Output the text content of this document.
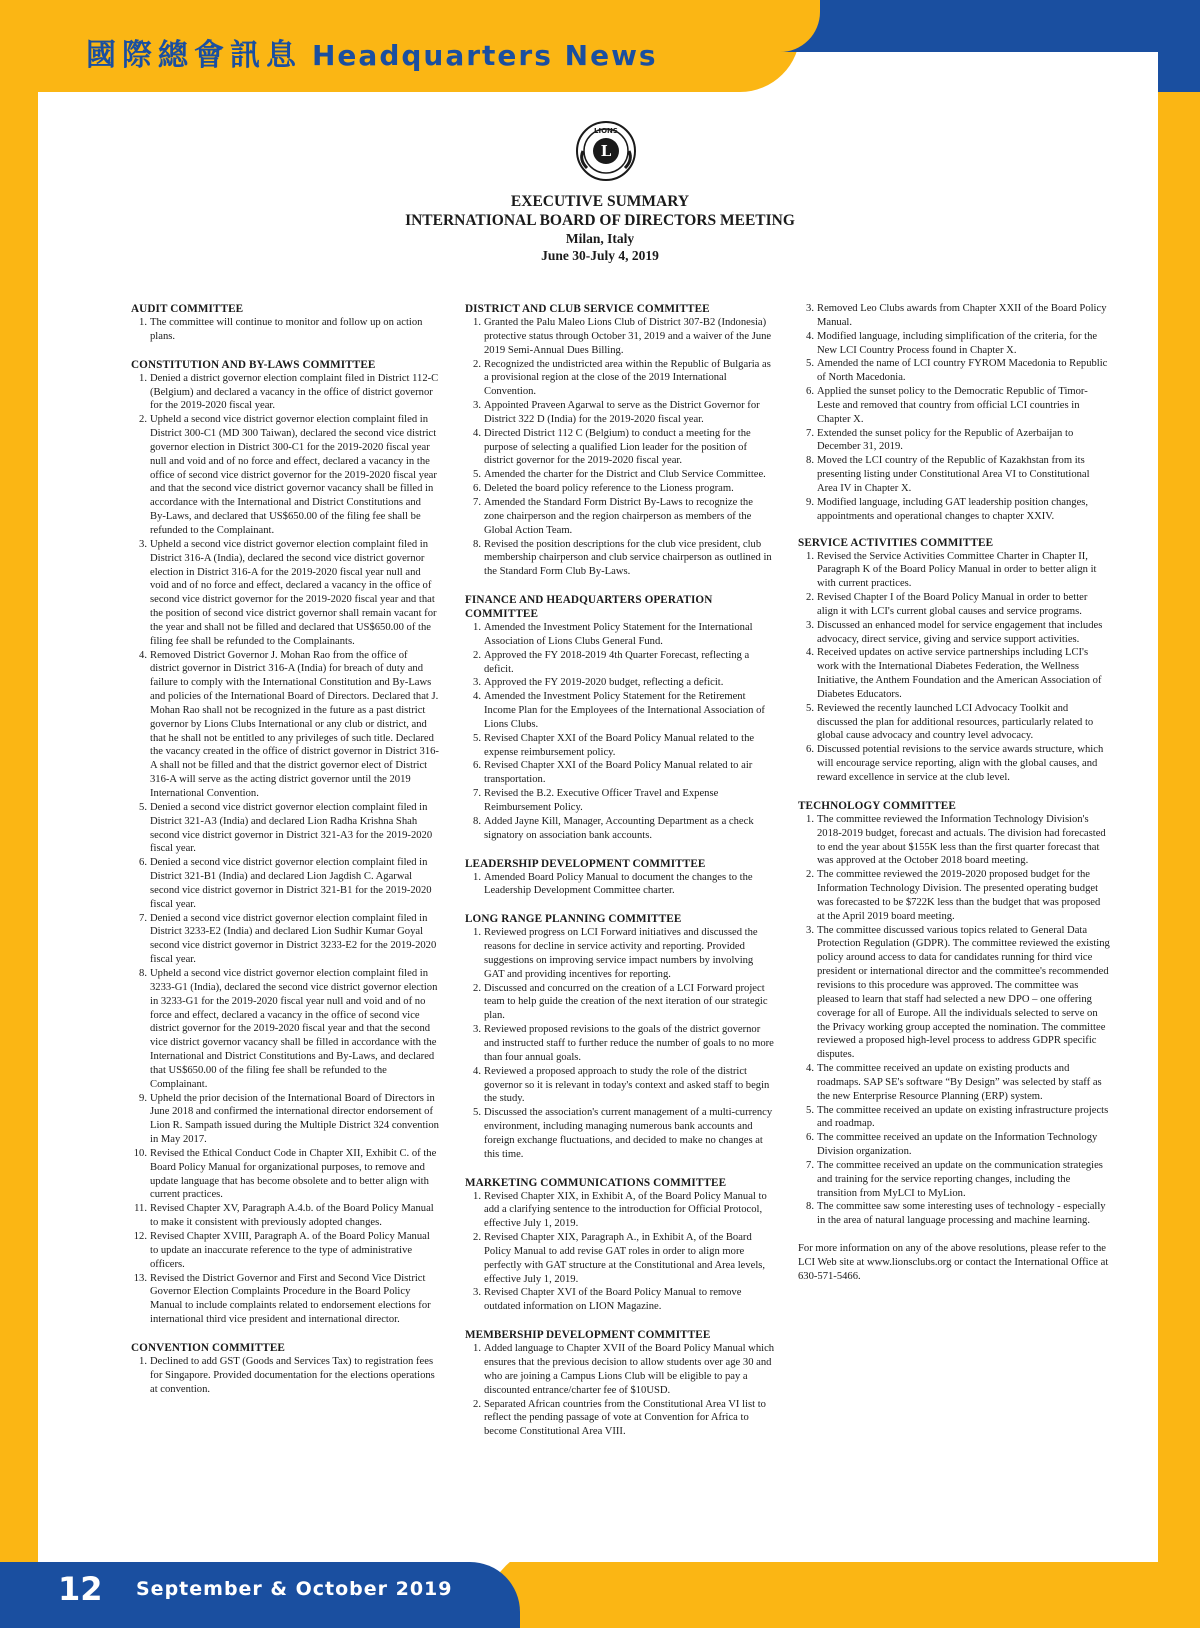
國際總會訊息 Headquarters News
L
LIONS
EXECUTIVE SUMMARY
INTERNATIONAL BOARD OF DIRECTORS MEETING
Milan, Italy
June 30-July 4, 2019
AUDIT COMMITTEE
1. The committee will continue to monitor and follow up on action plans.
CONSTITUTION AND BY-LAWS COMMITTEE
1. Denied a district governor election complaint filed in District 112-C (Belgium) and declared a vacancy in the office of district governor for the 2019-2020 fiscal year.
2. Upheld a second vice district governor election complaint filed in District 300-C1 (MD 300 Taiwan), declared the second vice district governor election in District 300-C1 for the 2019-2020 fiscal year null and void and of no force and effect, declared a vacancy in the office of second vice district governor for the 2019-2020 fiscal year and that the second vice district governor vacancy shall be filled in accordance with the International and District Constitutions and By-Laws, and declared that US$650.00 of the filing fee shall be refunded to the Complainant.
3. Upheld a second vice district governor election complaint filed in District 316-A (India), declared the second vice district governor election in District 316-A for the 2019-2020 fiscal year null and void and of no force and effect, declared a vacancy in the office of second vice district governor for the 2019-2020 fiscal year and that the position of second vice district governor shall remain vacant for the year and shall not be filled and declared that US$650.00 of the filing fee shall be refunded to the Complainants.
4. Removed District Governor J. Mohan Rao from the office of district governor in District 316-A (India) for breach of duty and failure to comply with the International Constitution and By-Laws and policies of the International Board of Directors. Declared that J. Mohan Rao shall not be recognized in the future as a past district governor by Lions Clubs International or any club or district, and that he shall not be entitled to any privileges of such title. Declared the vacancy created in the office of district governor in District 316-A shall not be filled and that the district governor elect of District 316-A will serve as the acting district governor until the 2019 International Convention.
5. Denied a second vice district governor election complaint filed in District 321-A3 (India) and declared Lion Radha Krishna Shah second vice district governor in District 321-A3 for the 2019-2020 fiscal year.
6. Denied a second vice district governor election complaint filed in District 321-B1 (India) and declared Lion Jagdish C. Agarwal second vice district governor in District 321-B1 for the 2019-2020 fiscal year.
7. Denied a second vice district governor election complaint filed in District 3233-E2 (India) and declared Lion Sudhir Kumar Goyal second vice district governor in District 3233-E2 for the 2019-2020 fiscal year.
8. Upheld a second vice district governor election complaint filed in 3233-G1 (India), declared the second vice district governor election in 3233-G1 for the 2019-2020 fiscal year null and void and of no force and effect, declared a vacancy in the office of second vice district governor for the 2019-2020 fiscal year and that the second vice district governor vacancy shall be filled in accordance with the International and District Constitutions and By-Laws, and declared that US$650.00 of the filing fee shall be refunded to the Complainant.
9. Upheld the prior decision of the International Board of Directors in June 2018 and confirmed the international director endorsement of Lion R. Sampath issued during the Multiple District 324 convention in May 2017.
10. Revised the Ethical Conduct Code in Chapter XII, Exhibit C. of the Board Policy Manual for organizational purposes, to remove and update language that has become obsolete and to better align with current practices.
11. Revised Chapter XV, Paragraph A.4.b. of the Board Policy Manual to make it consistent with previously adopted changes.
12. Revised Chapter XVIII, Paragraph A. of the Board Policy Manual to update an inaccurate reference to the type of administrative officers.
13. Revised the District Governor and First and Second Vice District Governor Election Complaints Procedure in the Board Policy Manual to include complaints related to endorsement elections for international third vice president and international director.
CONVENTION COMMITTEE
1. Declined to add GST (Goods and Services Tax) to registration fees for Singapore. Provided documentation for the elections operations at convention.
DISTRICT AND CLUB SERVICE COMMITTEE
1. Granted the Palu Maleo Lions Club of District 307-B2 (Indonesia) protective status through October 31, 2019 and a waiver of the June 2019 Semi-Annual Dues Billing.
2. Recognized the undistricted area within the Republic of Bulgaria as a provisional region at the close of the 2019 International Convention.
3. Appointed Praveen Agarwal to serve as the District Governor for District 322 D (India) for the 2019-2020 fiscal year.
4. Directed District 112 C (Belgium) to conduct a meeting for the purpose of selecting a qualified Lion leader for the position of district governor for the 2019-2020 fiscal year.
5. Amended the charter for the District and Club Service Committee.
6. Deleted the board policy reference to the Lioness program.
7. Amended the Standard Form District By-Laws to recognize the zone chairperson and the region chairperson as members of the Global Action Team.
8. Revised the position descriptions for the club vice president, club membership chairperson and club service chairperson as outlined in the Standard Form Club By-Laws.
FINANCE AND HEADQUARTERS OPERATION COMMITTEE
1. Amended the Investment Policy Statement for the International Association of Lions Clubs General Fund.
2. Approved the FY 2018-2019 4th Quarter Forecast, reflecting a deficit.
3. Approved the FY 2019-2020 budget, reflecting a deficit.
4. Amended the Investment Policy Statement for the Retirement Income Plan for the Employees of the International Association of Lions Clubs.
5. Revised Chapter XXI of the Board Policy Manual related to the expense reimbursement policy.
6. Revised Chapter XXI of the Board Policy Manual related to air transportation.
7. Revised the B.2. Executive Officer Travel and Expense Reimbursement Policy.
8. Added Jayne Kill, Manager, Accounting Department as a check signatory on association bank accounts.
LEADERSHIP DEVELOPMENT COMMITTEE
1. Amended Board Policy Manual to document the changes to the Leadership Development Committee charter.
LONG RANGE PLANNING COMMITTEE
1. Reviewed progress on LCI Forward initiatives and discussed the reasons for decline in service activity and reporting. Provided suggestions on improving service impact numbers by involving GAT and providing incentives for reporting.
2. Discussed and concurred on the creation of a LCI Forward project team to help guide the creation of the next iteration of our strategic plan.
3. Reviewed proposed revisions to the goals of the district governor and instructed staff to further reduce the number of goals to no more than four annual goals.
4. Reviewed a proposed approach to study the role of the district governor so it is relevant in today's context and asked staff to begin the study.
5. Discussed the association's current management of a multi-currency environment, including managing numerous bank accounts and foreign exchange fluctuations, and decided to make no changes at this time.
MARKETING COMMUNICATIONS COMMITTEE
1. Revised Chapter XIX, in Exhibit A, of the Board Policy Manual to add a clarifying sentence to the introduction for Official Protocol, effective July 1, 2019.
2. Revised Chapter XIX, Paragraph A., in Exhibit A, of the Board Policy Manual to add revise GAT roles in order to align more perfectly with GAT structure at the Constitutional and Area levels, effective July 1, 2019.
3. Revised Chapter XVI of the Board Policy Manual to remove outdated information on LION Magazine.
MEMBERSHIP DEVELOPMENT COMMITTEE
1. Added language to Chapter XVII of the Board Policy Manual which ensures that the previous decision to allow students over age 30 and who are joining a Campus Lions Club will be eligible to pay a discounted entrance/charter fee of $10USD.
2. Separated African countries from the Constitutional Area VI list to reflect the pending passage of vote at Convention for Africa to become Constitutional Area VIII.
3. Removed Leo Clubs awards from Chapter XXII of the Board Policy Manual.
4. Modified language, including simplification of the criteria, for the New LCI Country Process found in Chapter X.
5. Amended the name of LCI country FYROM Macedonia to Republic of North Macedonia.
6. Applied the sunset policy to the Democratic Republic of Timor-Leste and removed that country from official LCI countries in Chapter X.
7. Extended the sunset policy for the Republic of Azerbaijan to December 31, 2019.
8. Moved the LCI country of the Republic of Kazakhstan from its presenting listing under Constitutional Area VI to Constitutional Area IV in Chapter X.
9. Modified language, including GAT leadership position changes, appointments and operational changes to chapter XXIV.
SERVICE ACTIVITIES COMMITTEE
1. Revised the Service Activities Committee Charter in Chapter II, Paragraph K of the Board Policy Manual in order to better align it with current practices.
2. Revised Chapter I of the Board Policy Manual in order to better align it with LCI's current global causes and service programs.
3. Discussed an enhanced model for service engagement that includes advocacy, direct service, giving and service support activities.
4. Received updates on active service partnerships including LCI's work with the International Diabetes Federation, the Wellness Initiative, the Anthem Foundation and the American Association of Diabetes Educators.
5. Reviewed the recently launched LCI Advocacy Toolkit and discussed the plan for additional resources, particularly related to global cause advocacy and country level advocacy.
6. Discussed potential revisions to the service awards structure, which will encourage service reporting, align with the global causes, and reward excellence in service at the club level.
TECHNOLOGY COMMITTEE
1. The committee reviewed the Information Technology Division's 2018-2019 budget, forecast and actuals. The division had forecasted to end the year about $155K less than the first quarter forecast that was approved at the October 2018 board meeting.
2. The committee reviewed the 2019-2020 proposed budget for the Information Technology Division. The presented operating budget was forecasted to be $722K less than the budget that was proposed at the April 2019 board meeting.
3. The committee discussed various topics related to General Data Protection Regulation (GDPR). The committee reviewed the existing policy around access to data for candidates running for third vice president or international director and the committee's recommended revisions to this procedure was approved. The committee was pleased to learn that staff had selected a new DPO – one offering coverage for all of Europe. All the individuals selected to serve on the Privacy working group accepted the nomination. The committee reviewed a proposed high-level process to address GDPR specific disputes.
4. The committee received an update on existing products and roadmaps. SAP SE's software “By Design” was selected by staff as the new Enterprise Resource Planning (ERP) system.
5. The committee received an update on existing infrastructure projects and roadmap.
6. The committee received an update on the Information Technology Division organization.
7. The committee received an update on the communication strategies and training for the service reporting changes, including the transition from MyLCI to MyLion.
8. The committee saw some interesting uses of technology - especially in the area of natural language processing and machine learning.
For more information on any of the above resolutions, please refer to the LCI Web site at www.lionsclubs.org or contact the International Office at 630-571-5466.
12 September & October 2019
